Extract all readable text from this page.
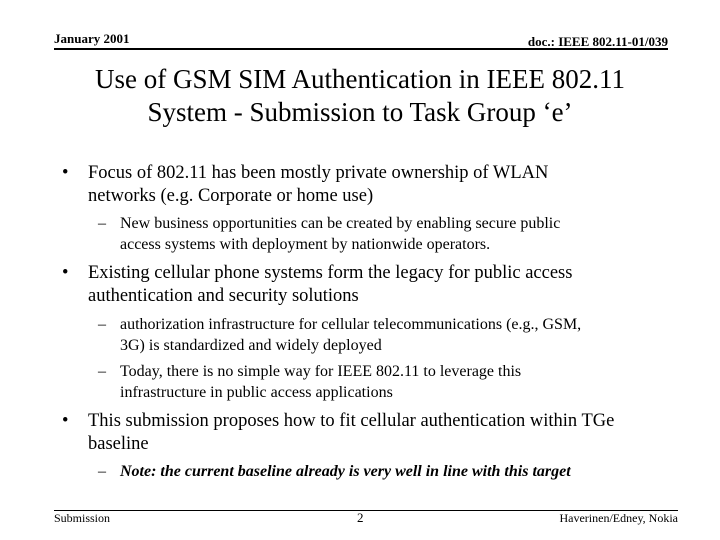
January 2001	doc.: IEEE 802.11-01/039
Use of GSM SIM Authentication in IEEE 802.11
System - Submission to Task Group ‘e’
• Focus of 802.11 has been mostly private ownership of WLAN
networks (e.g. Corporate or home use)
– New business opportunities can be created by enabling secure public
access systems with deployment by nationwide operators.
• Existing cellular phone systems form the legacy for public access
authentication and security solutions
– authorization infrastructure for cellular telecommunications (e.g., GSM,
3G) is standardized and widely deployed
– Today, there is no simple way for IEEE 802.11 to leverage this
infrastructure in public access applications
• This submission proposes how to fit cellular authentication within TGe
baseline
– Note: the current baseline already is very well in line with this target
Submission	2	Haverinen/Edney, Nokia
